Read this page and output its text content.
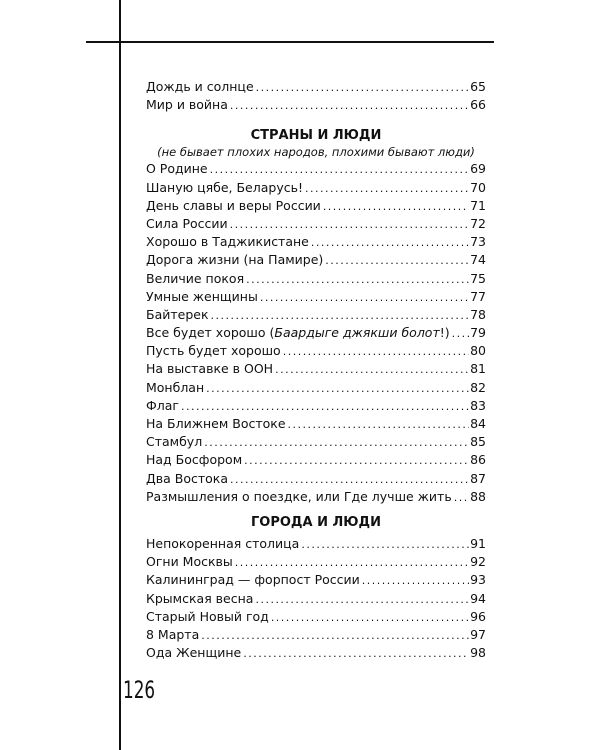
Дождь и солнце .....	65
Мир и война .....	66
СТРАНЫ И ЛЮДИ
(не бывает плохих народов, плохими бывают люди)
О Родине .....	69
Шаную цябе, Беларусь! .....	70
День славы и веры России .....	71
Сила России .....	72
Хорошо в Таджикистане .....	73
Дорога жизни (на Памире) .....	74
Величие покоя .....	75
Умные женщины .....	77
Байтерек .....	78
Все будет хорошо (Баардыге джякши болот!) ..... 79
Пусть будет хорошо .....	80
На выставке в ООН .....	81
Монблан .....	82
Флаг .....	83
На Ближнем Востоке .....	84
Стамбул .....	85
Над Босфором .....	86
Два Востока .....	87
Размышления о поездке, или Где лучше жить ..... 88
ГОРОДА И ЛЮДИ
Непокоренная столица .....	91
Огни Москвы .....	92
Калининград — форпост России .....	93
Крымская весна .....	94
Старый Новый год .....	96
8 Марта .....	97
Ода Женщине .....	98
126
